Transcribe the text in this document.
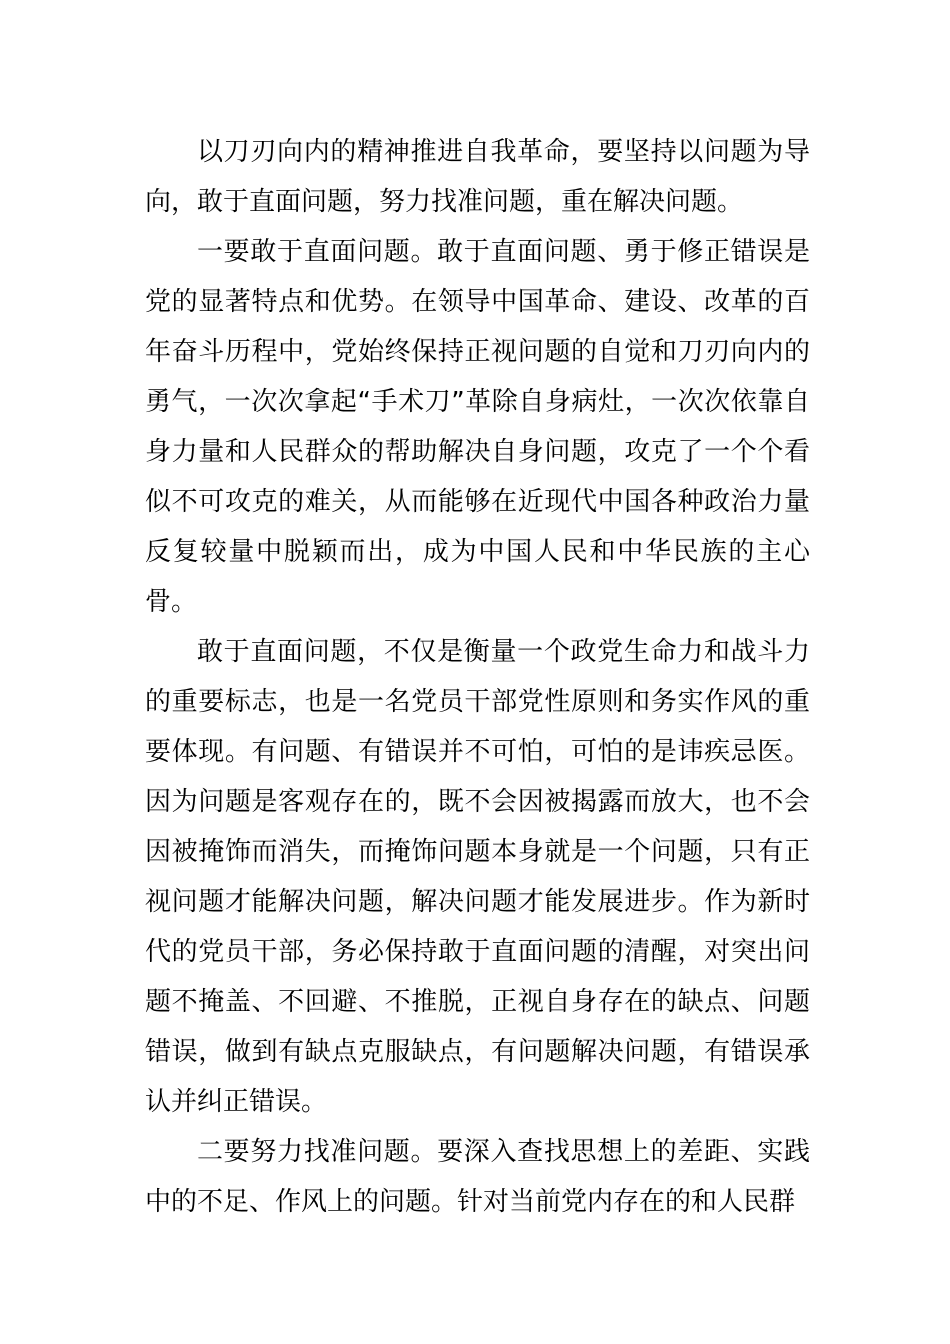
以刀刃向内的精神推进自我革命，要坚持以问题为导向，敢于直面问题，努力找准问题，重在解决问题。

一要敢于直面问题。敢于直面问题、勇于修正错误是党的显著特点和优势。在领导中国革命、建设、改革的百年奋斗历程中，党始终保持正视问题的自觉和刀刃向内的勇气，一次次拿起“手术刀”革除自身病灶，一次次依靠自身力量和人民群众的帮助解决自身问题，攻克了一个个看似不可攻克的难关，从而能够在近现代中国各种政治力量反复较量中脱颖而出，成为中国人民和中华民族的主心骨。

敢于直面问题，不仅是衡量一个政党生命力和战斗力的重要标志，也是一名党员干部党性原则和务实作风的重要体现。有问题、有错误并不可怕，可怕的是讳疾忌医。因为问题是客观存在的，既不会因被揭露而放大，也不会因被掩饰而消失，而掩饰问题本身就是一个问题，只有正视问题才能解决问题，解决问题才能发展进步。作为新时代的党员干部，务必保持敢于直面问题的清醒，对突出问题不掩盖、不回避、不推脱，正视自身存在的缺点、问题错误，做到有缺点克服缺点，有问题解决问题，有错误承认并纠正错误。

二要努力找准问题。要深入查找思想上的差距、实践中的不足、作风上的问题。针对当前党内存在的和人民群
